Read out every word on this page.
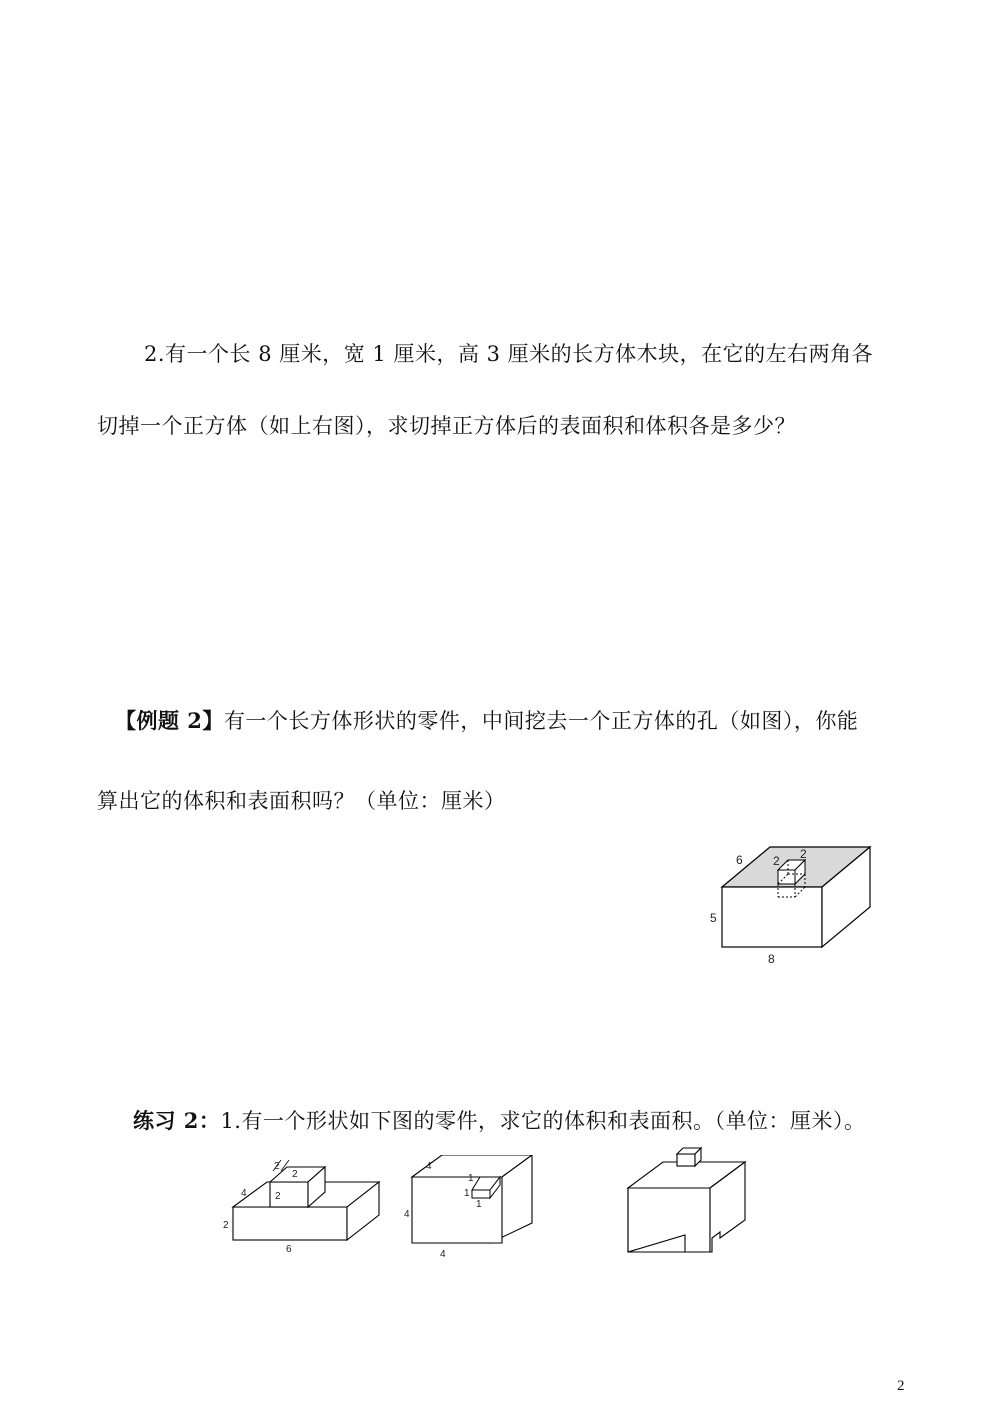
2.有一个长 8 厘米，宽 1 厘米，高 3 厘米的长方体木块，在它的左右两角各
切掉一个正方体（如上右图），求切掉正方体后的表面积和体积各是多少？
【例题 2】有一个长方体形状的零件，中间挖去一个正方体的孔（如图），你能
算出它的体积和表面积吗？（单位：厘米）
6	2 2
5
8
练习 2：1.有一个形状如下图的零件，求它的体积和表面积。（单位：厘米）。
2
2
2
4
2
6
4
1
1
1
4
4
2
